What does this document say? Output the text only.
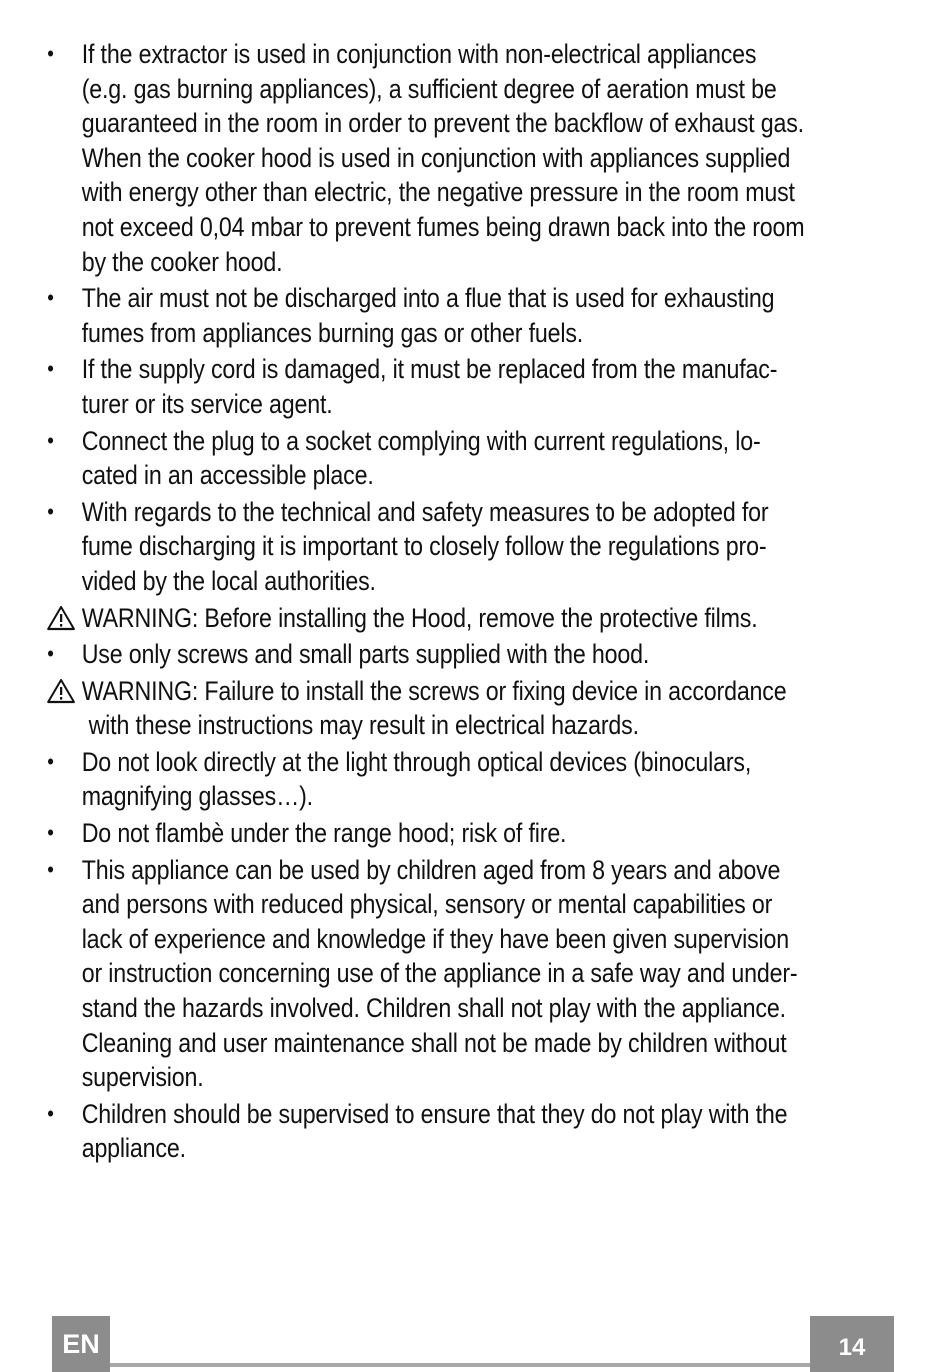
• If the extractor is used in conjunction with non-electrical appliances
(e.g. gas burning appliances), a sufficient degree of aeration must be
guaranteed in the room in order to prevent the backflow of exhaust gas.
When the cooker hood is used in conjunction with appliances supplied
with energy other than electric, the negative pressure in the room must
not exceed 0,04 mbar to prevent fumes being drawn back into the room
by the cooker hood.
• The air must not be discharged into a flue that is used for exhausting
fumes from appliances burning gas or other fuels.
• If the supply cord is damaged, it must be replaced from the manufac-
turer or its service agent.
• Connect the plug to a socket complying with current regulations, lo-
cated in an accessible place.
• With regards to the technical and safety measures to be adopted for
fume discharging it is important to closely follow the regulations pro-
vided by the local authorities.
WARNING: Before installing the Hood, remove the protective films.
• Use only screws and small parts supplied with the hood.
WARNING: Failure to install the screws or fixing device in accordance
with these instructions may result in electrical hazards.
• Do not look directly at the light through optical devices (binoculars,
magnifying glasses…).
• Do not flambè under the range hood; risk of fire.
• This appliance can be used by children aged from 8 years and above
and persons with reduced physical, sensory or mental capabilities or
lack of experience and knowledge if they have been given supervision
or instruction concerning use of the appliance in a safe way and under-
stand the hazards involved. Children shall not play with the appliance.
Cleaning and user maintenance shall not be made by children without
supervision.
• Children should be supervised to ensure that they do not play with the
appliance.
EN	14
